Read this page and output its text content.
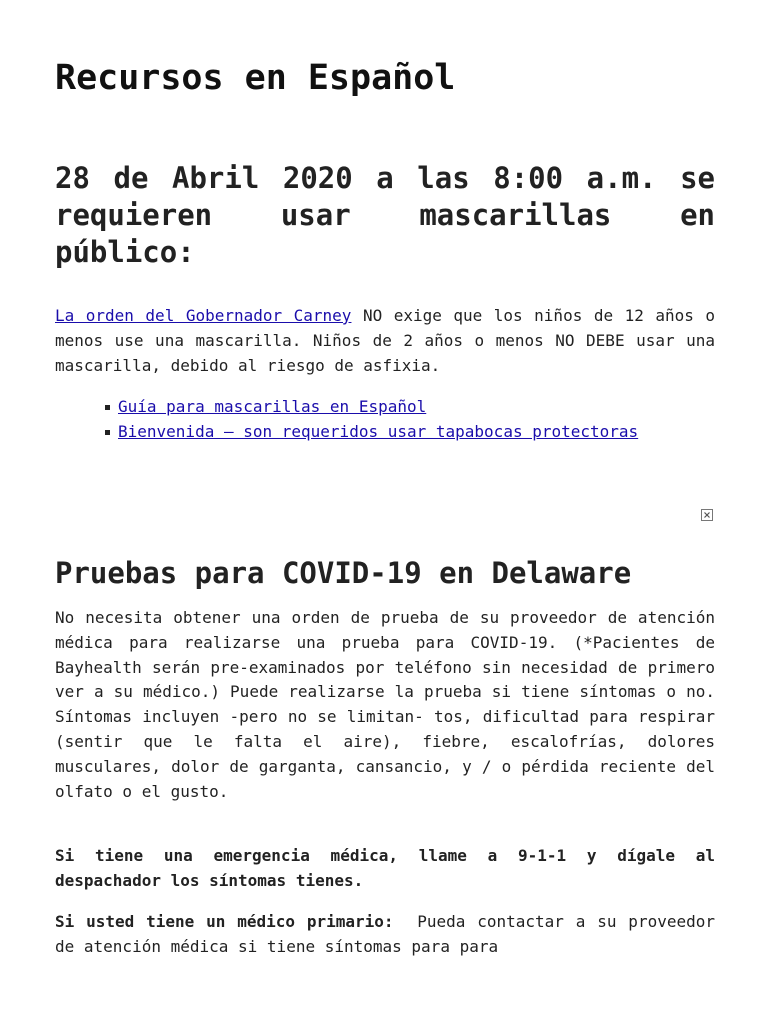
Recursos en Español
28 de Abril 2020 a las 8:00 a.m. se requieren usar mascarillas en público:

La orden del Gobernador Carney NO exige que los niños de 12 años o menos use una mascarilla. Niños de 2 años o menos NO DEBE usar una mascarilla, debido al riesgo de asfixia.

Guía para mascarillas en Español
Bienvenida – son requeridos usar tapabocas protectoras
Pruebas para COVID-19 en Delaware

No necesita obtener una orden de prueba de su proveedor de atención médica para realizarse una prueba para COVID-19. (*Pacientes de Bayhealth serán pre-examinados por teléfono sin necesidad de primero ver a su médico.) Puede realizarse la prueba si tiene síntomas o no. Síntomas incluyen -pero no se limitan- tos, dificultad para respirar (sentir que le falta el aire), fiebre, escalofrías, dolores musculares, dolor de garganta, cansancio, y / o pérdida reciente del olfato o el gusto.

Si tiene una emergencia médica, llame a 9-1-1 y dígale al despachador los síntomas tienes.

Si usted tiene un médico primario:  Pueda contactar a su proveedor de atención médica si tiene síntomas para para
